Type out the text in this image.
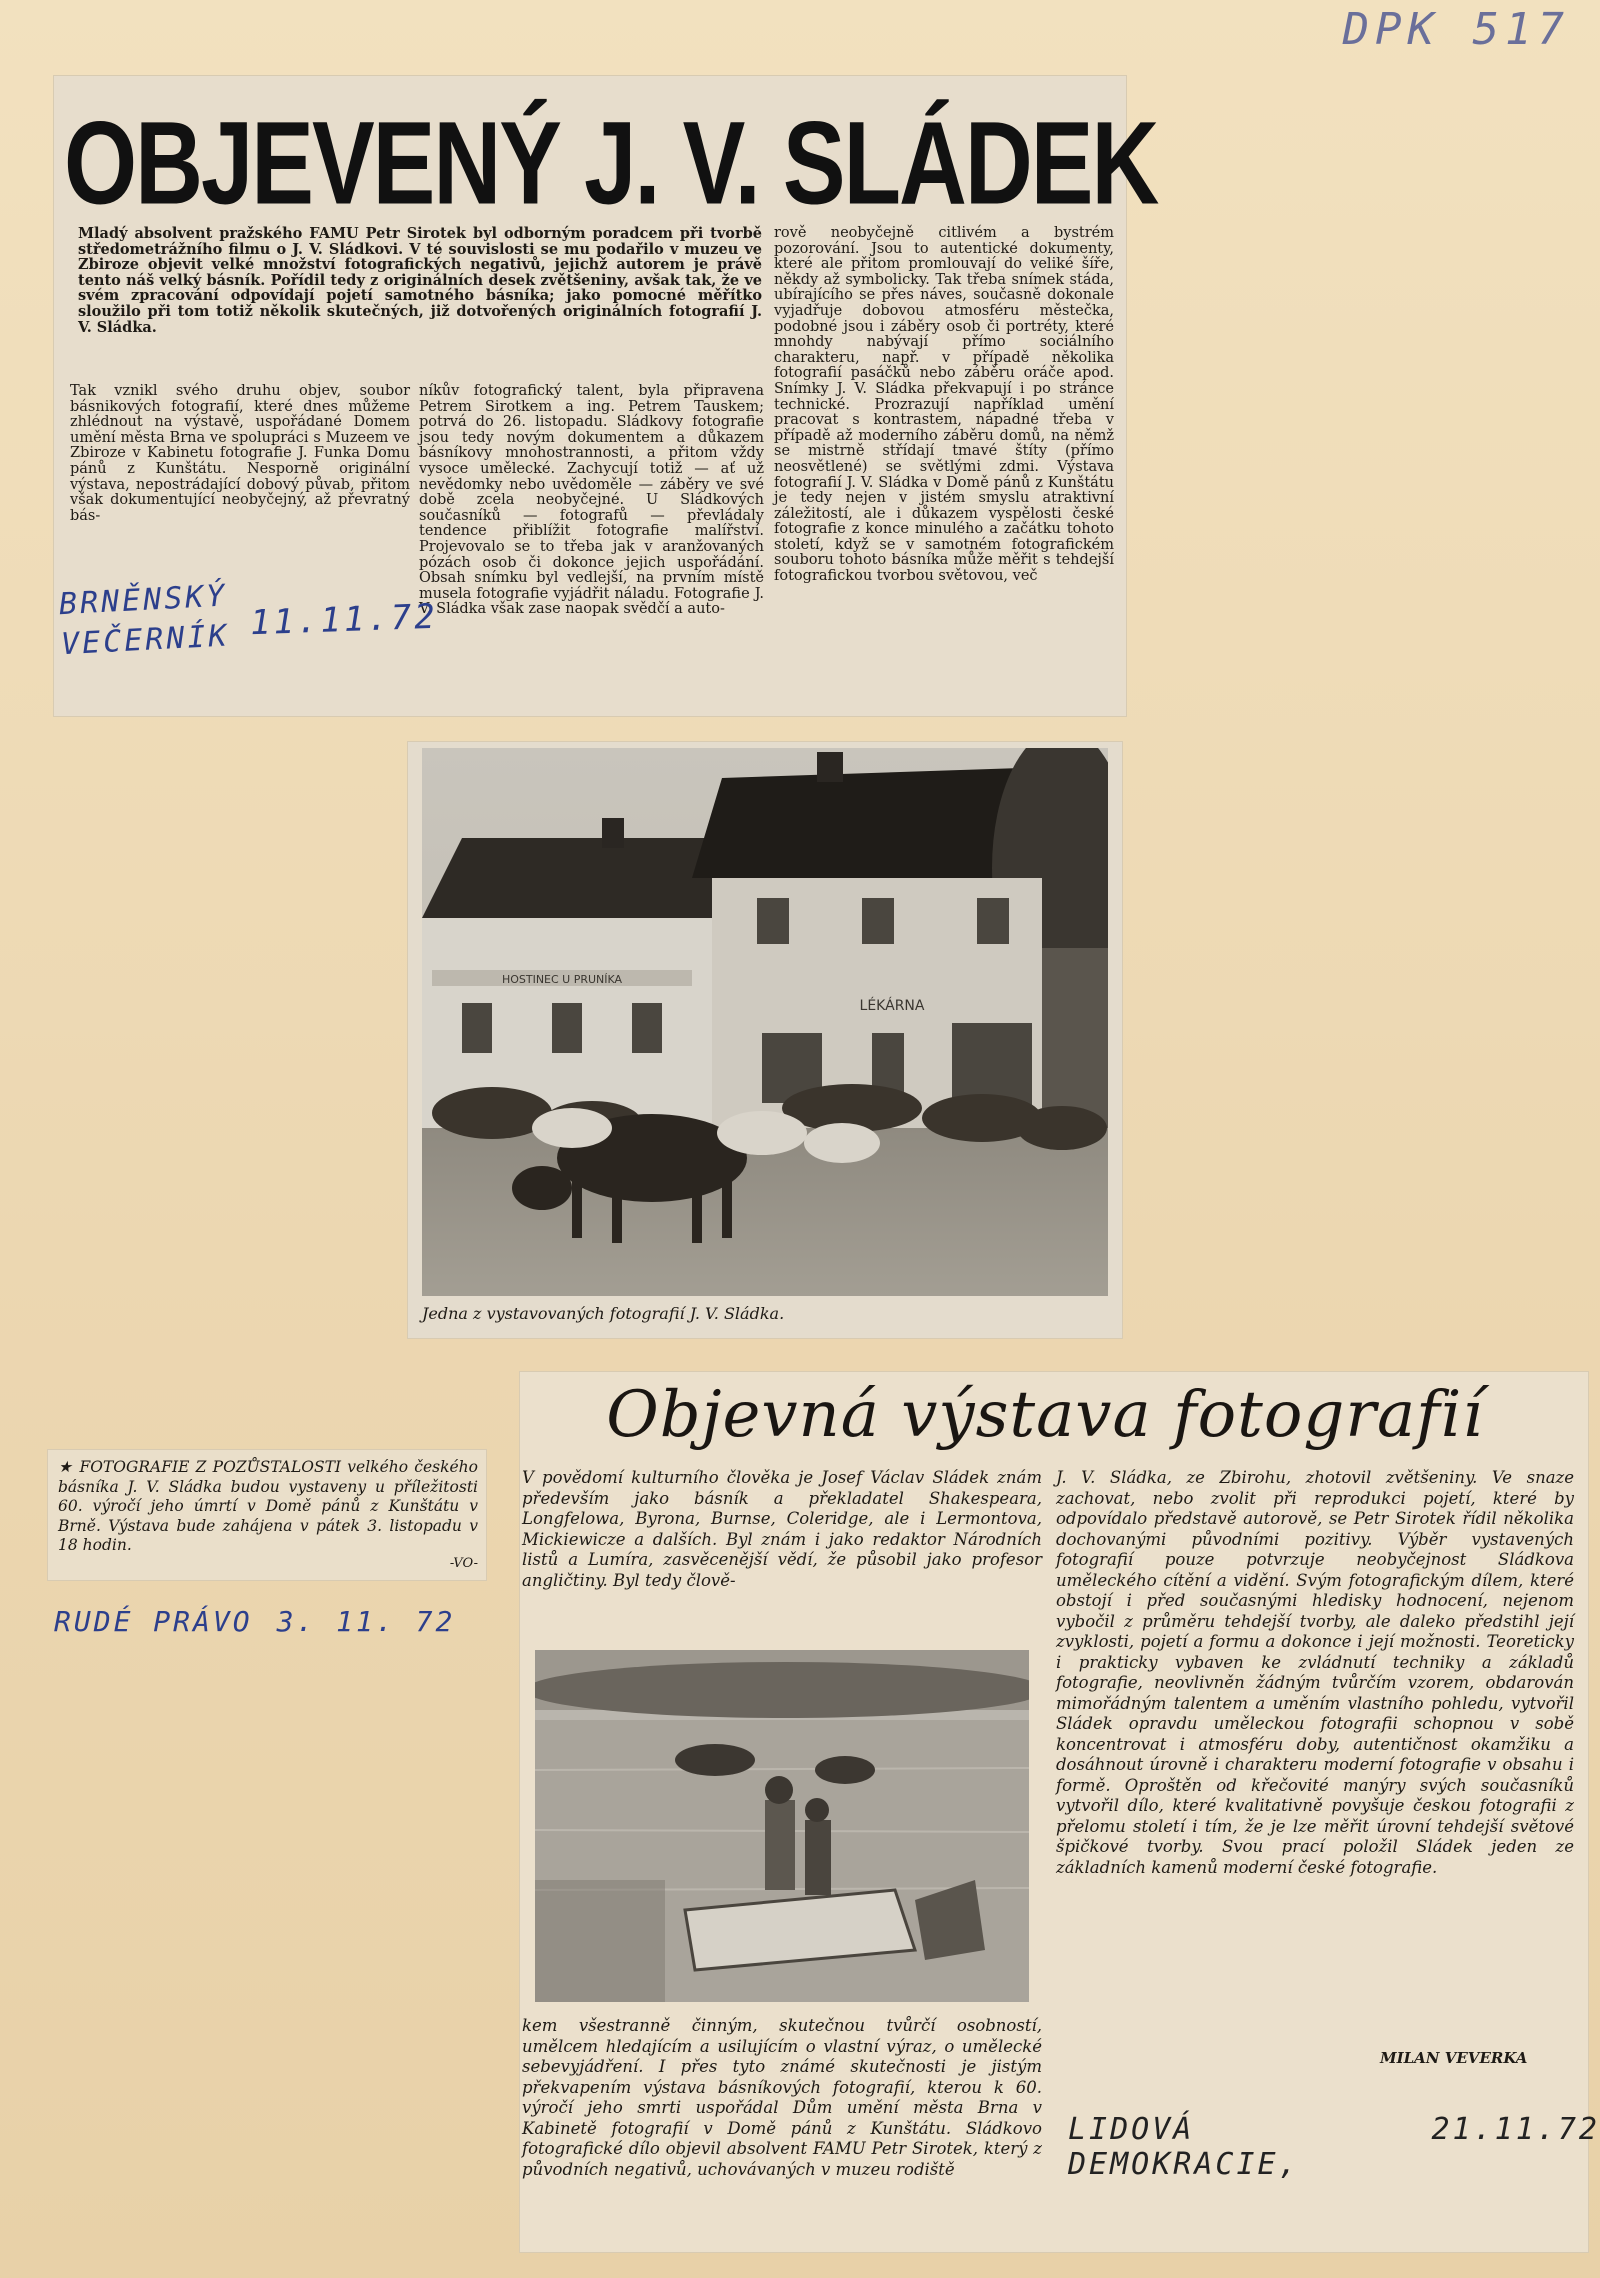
DPK 517
OBJEVENÝ J. V. SLÁDEK

Mladý absolvent pražského FAMU Petr Sirotek byl odborným poradcem při tvorbě středometrážního filmu o J. V. Sládkovi. V té souvislosti se mu podařilo v muzeu ve Zbiroze objevit velké množství fotografických negativů, jejichž autorem je právě tento náš velký básník. Pořídil tedy z originálních desek zvětšeniny, avšak tak, že ve svém zpracování odpovídají pojetí samotného básníka; jako pomocné měřítko sloužilo při tom totiž několik skutečných, již dotvořených originálních fotografií J. V. Sládka.

Tak vznikl svého druhu objev, soubor básnikových fotografií, které dnes můžeme zhlédnout na výstavě, uspořádané Domem umění města Brna ve spolupráci s Muzeem ve Zbiroze v Kabinetu fotografie J. Funka Domu pánů z Kunštátu. Nesporně originální výstava, nepostrádající dobový půvab, přitom však dokumentující neobyčejný, až převratný bás-

níkův fotografický talent, byla připravena Petrem Sirotkem a ing. Petrem Tauskem; potrvá do 26. listopadu. Sládkovy fotografie jsou tedy novým dokumentem a důkazem básníkovy mnohostrannosti, a přitom vždy vysoce umělecké. Zachycují totiž — ať už nevědomky nebo uvědoměle — záběry ve své době zcela neobyčejné. U Sládkových současníků — fotografů — převládaly tendence přiblížit fotografie malířství. Projevovalo se to třeba jak v aranžovaných pózách osob či dokonce jejich uspořádání. Obsah snímku byl vedlejší, na prvním místě musela fotografie vyjádřit náladu. Fotografie J. V. Sládka však zase naopak svědčí a auto-

rově neobyčejně citlivém a bystrém pozorování. Jsou to autentické dokumenty, které ale přitom promlouvají do veliké šíře, někdy až symbolicky. Tak třeba snímek stáda, ubírajícího se přes náves, současně dokonale vyjadřuje dobovou atmosféru městečka, podobné jsou i záběry osob či portréty, které mnohdy nabývají přímo sociálního charakteru, např. v případě několika fotografií pasáčků nebo záběru oráče apod. Snímky J. V. Sládka překvapují i po stránce technické. Prozrazují například umění pracovat s kontrastem, nápadné třeba v případě až moderního záběru domů, na němž se mistrně střídají tmavé štíty (přímo neosvětlené) se světlými zdmi. Výstava fotografií J. V. Sládka v Domě pánů z Kunštátu je tedy nejen v jistém smyslu atraktivní záležitostí, ale i důkazem vyspělosti české fotografie z konce minulého a začátku tohoto století, když se v samotném fotografickém souboru tohoto básníka může měřit s tehdejší fotografickou tvorbou světovou, več

BRNĚNSKÝ VEČERNÍK 11.11.72
HOSTINEC U PRUNÍKA
LÉKÁRNA
Jedna z vystavovaných fotografií J. V. Sládka.

★ FOTOGRAFIE Z POZŮSTALOSTI velkého českého básníka J. V. Sládka budou vystaveny u příležitosti 60. výročí jeho úmrtí v Domě pánů z Kunštátu v Brně. Výstava bude zahájena v pátek 3. listopadu v 18 hodin.

-VO-
RUDÉ PRÁVO 3. 11. 72
Objevná výstava fotografií

V povědomí kulturního člověka je Josef Václav Sládek znám především jako básník a překladatel Shakespeara, Longfelowa, Byrona, Burnse, Coleridge, ale i Lermontova, Mickiewicze a dalších. Byl znám i jako redaktor Národních listů a Lumíra, zasvěcenější vědí, že působil jako profesor angličtiny. Byl tedy člově-

kem všestranně činným, skutečnou tvůrčí osobností, umělcem hledajícím a usilujícím o vlastní výraz, o umělecké sebevyjádření. I přes tyto známé skutečnosti je jistým překvapením výstava básníkových fotografií, kterou k 60. výročí jeho smrti uspořádal Dům umění města Brna v Kabinetě fotografií v Domě pánů z Kunštátu. Sládkovo fotografické dílo objevil absolvent FAMU Petr Sirotek, který z původních negativů, uchovávaných v muzeu rodiště

J. V. Sládka, ze Zbirohu, zhotovil zvětšeniny. Ve snaze zachovat, nebo zvolit při reprodukci pojetí, které by odpovídalo představě autorově, se Petr Sirotek řídil několika dochovanými původními pozitivy. Výběr vystavených fotografií pouze potvrzuje neobyčejnost Sládkova uměleckého cítění a vidění. Svým fotografickým dílem, které obstojí i před současnými hledisky hodnocení, nejenom vybočil z průměru tehdejší tvorby, ale daleko předstihl její zvyklosti, pojetí a formu a dokonce i její možnosti. Teoreticky i prakticky vybaven ke zvládnutí techniky a základů fotografie, neovlivněn žádným tvůrčím vzorem, obdarován mimořádným talentem a uměním vlastního pohledu, vytvořil Sládek opravdu uměleckou fotografii schopnou v sobě koncentrovat i atmosféru doby, autentičnost okamžiku a dosáhnout úrovně i charakteru moderní fotografie v obsahu i formě. Oproštěn od křečovité manýry svých současníků vytvořil dílo, které kvalitativně povyšuje českou fotografii z přelomu století i tím, že je lze měřit úrovní tehdejší světové špičkové tvorby. Svou prací položil Sládek jeden ze základních kamenů moderní české fotografie.

MILAN VEVERKA
LIDOVÁ DEMOKRACIE,
21.11.72
